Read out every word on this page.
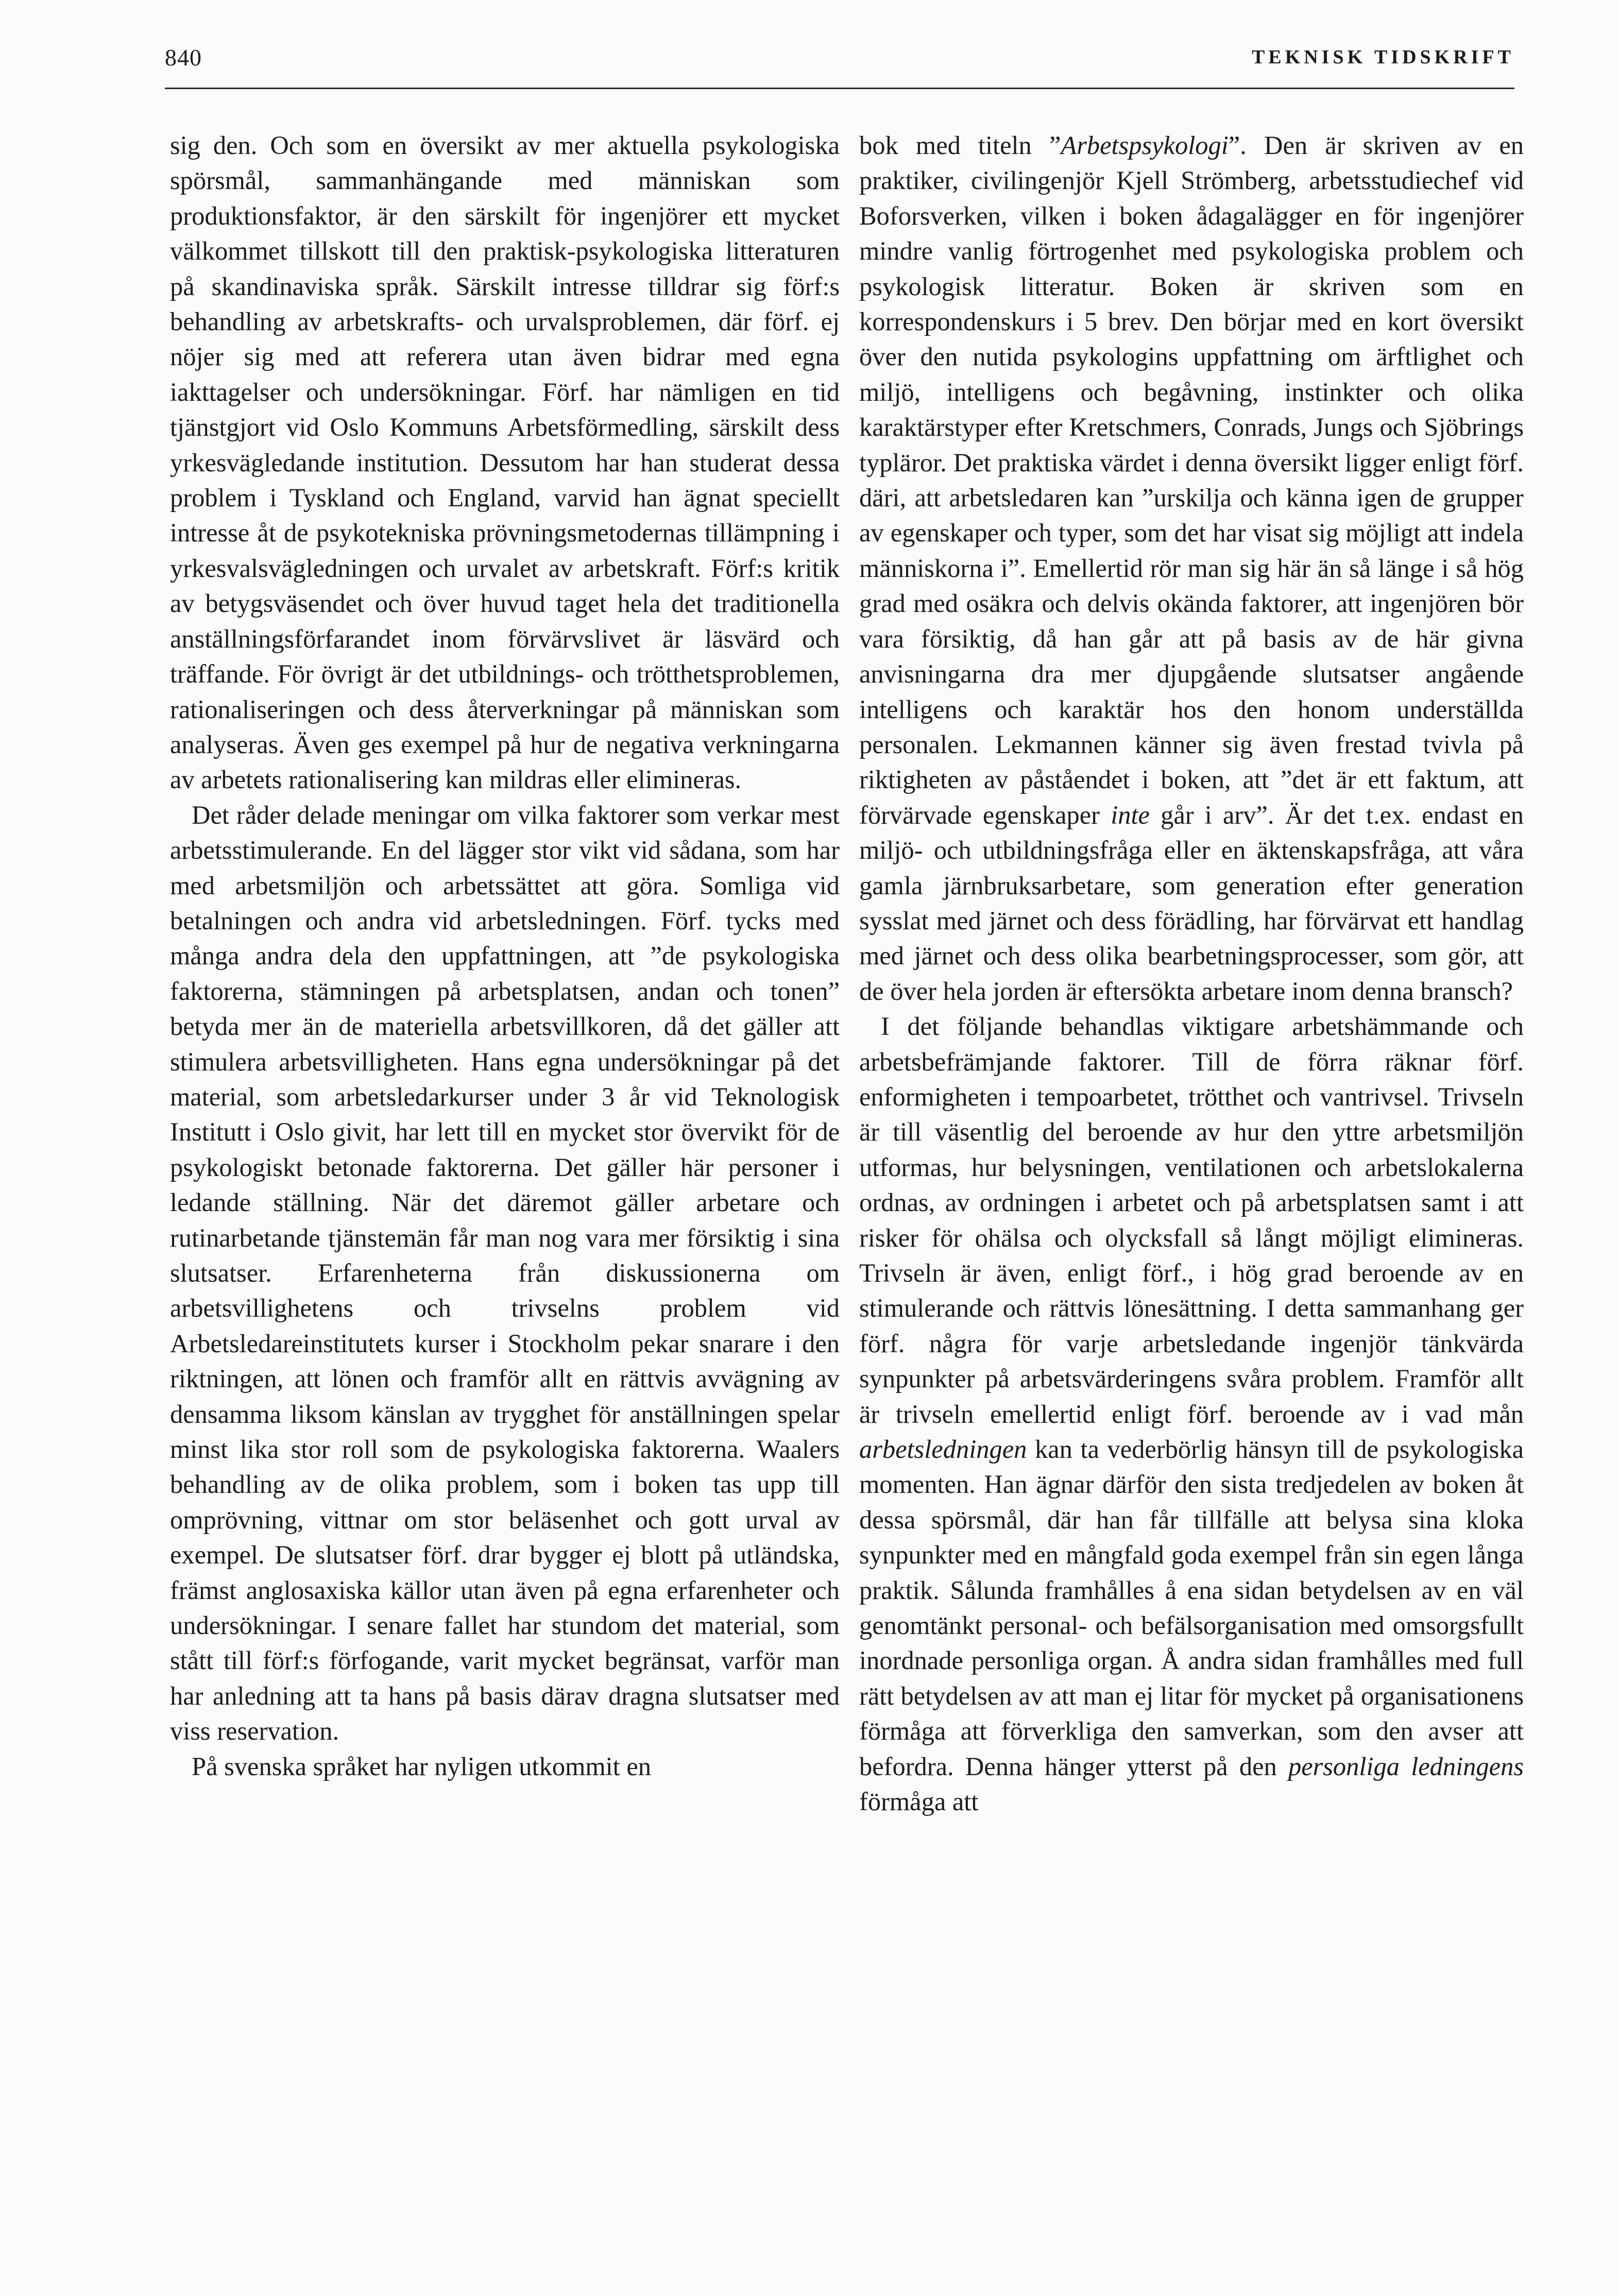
840	TEKNISK TIDSKRIFT

sig den. Och som en översikt av mer aktuella psykologiska spörsmål, sammanhängande med människan som produktionsfaktor, är den särskilt för ingenjörer ett mycket välkommet tillskott till den praktisk-psykologiska litteraturen på skandinaviska språk. Särskilt intresse tilldrar sig förf:s behandling av arbetskrafts- och urvalsproblemen, där förf. ej nöjer sig med att referera utan även bidrar med egna iakttagelser och undersökningar. Förf. har nämligen en tid tjänstgjort vid Oslo Kommuns Arbetsförmedling, särskilt dess yrkesvägledande institution. Dessutom har han studerat dessa problem i Tyskland och England, varvid han ägnat speciellt intresse åt de psykotekniska prövningsmetodernas tillämpning i yrkesvalsvägledningen och urvalet av arbetskraft. Förf:s kritik av betygsväsendet och över huvud taget hela det traditionella anställningsförfarandet inom förvärvslivet är läsvärd och träffande. För övrigt är det utbildnings- och trötthetsproblemen, rationaliseringen och dess återverkningar på människan som analyseras. Även ges exempel på hur de negativa verkningarna av arbetets rationalisering kan mildras eller elimineras.

Det råder delade meningar om vilka faktorer som verkar mest arbetsstimulerande. En del lägger stor vikt vid sådana, som har med arbetsmiljön och arbetssättet att göra. Somliga vid betalningen och andra vid arbetsledningen. Förf. tycks med många andra dela den uppfattningen, att ”de psykologiska faktorerna, stämningen på arbetsplatsen, andan och tonen” betyda mer än de materiella arbetsvillkoren, då det gäller att stimulera arbetsvilligheten. Hans egna undersökningar på det material, som arbetsledarkurser under 3 år vid Teknologisk Institutt i Oslo givit, har lett till en mycket stor övervikt för de psykologiskt betonade faktorerna. Det gäller här personer i ledande ställning. När det däremot gäller arbetare och rutinarbetande tjänstemän får man nog vara mer försiktig i sina slutsatser. Erfarenheterna från diskussionerna om arbetsvillighetens och trivselns problem vid Arbetsledareinstitutets kurser i Stockholm pekar snarare i den riktningen, att lönen och framför allt en rättvis avvägning av densamma liksom känslan av trygghet för anställningen spelar minst lika stor roll som de psykologiska faktorerna. Waalers behandling av de olika problem, som i boken tas upp till omprövning, vittnar om stor beläsenhet och gott urval av exempel. De slutsatser förf. drar bygger ej blott på utländska, främst anglosaxiska källor utan även på egna erfarenheter och undersökningar. I senare fallet har stundom det material, som stått till förf:s förfogande, varit mycket begränsat, varför man har anledning att ta hans på basis därav dragna slutsatser med viss reservation.

På svenska språket har nyligen utkommit en

bok med titeln ”Arbetspsykologi”. Den är skriven av en praktiker, civilingenjör Kjell Strömberg, arbetsstudiechef vid Boforsverken, vilken i boken ådagalägger en för ingenjörer mindre vanlig förtrogenhet med psykologiska problem och psykologisk litteratur. Boken är skriven som en korrespondenskurs i 5 brev. Den börjar med en kort översikt över den nutida psykologins uppfattning om ärftlighet och miljö, intelligens och begåvning, instinkter och olika karaktärstyper efter Kretschmers, Conrads, Jungs och Sjöbrings typläror. Det praktiska värdet i denna översikt ligger enligt förf. däri, att arbetsledaren kan ”urskilja och känna igen de grupper av egenskaper och typer, som det har visat sig möjligt att indela människorna i”. Emellertid rör man sig här än så länge i så hög grad med osäkra och delvis okända faktorer, att ingenjören bör vara försiktig, då han går att på basis av de här givna anvisningarna dra mer djupgående slutsatser angående intelligens och karaktär hos den honom underställda personalen. Lekmannen känner sig även frestad tvivla på riktigheten av påståendet i boken, att ”det är ett faktum, att förvärvade egenskaper inte går i arv”. Är det t.ex. endast en miljö- och utbildningsfråga eller en äktenskapsfråga, att våra gamla järnbruksarbetare, som generation efter generation sysslat med järnet och dess förädling, har förvärvat ett handlag med järnet och dess olika bearbetningsprocesser, som gör, att de över hela jorden är eftersökta arbetare inom denna bransch?

I det följande behandlas viktigare arbetshämmande och arbetsbefrämjande faktorer. Till de förra räknar förf. enformigheten i tempoarbetet, trötthet och vantrivsel. Trivseln är till väsentlig del beroende av hur den yttre arbetsmiljön utformas, hur belysningen, ventilationen och arbetslokalerna ordnas, av ordningen i arbetet och på arbetsplatsen samt i att risker för ohälsa och olycksfall så långt möjligt elimineras. Trivseln är även, enligt förf., i hög grad beroende av en stimulerande och rättvis lönesättning. I detta sammanhang ger förf. några för varje arbetsledande ingenjör tänkvärda synpunkter på arbetsvärderingens svåra problem. Framför allt är trivseln emellertid enligt förf. beroende av i vad mån arbetsledningen kan ta vederbörlig hänsyn till de psykologiska momenten. Han ägnar därför den sista tredjedelen av boken åt dessa spörsmål, där han får tillfälle att belysa sina kloka synpunkter med en mångfald goda exempel från sin egen långa praktik. Sålunda framhålles å ena sidan betydelsen av en väl genomtänkt personal- och befälsorganisation med omsorgsfullt inordnade personliga organ. Å andra sidan framhålles med full rätt betydelsen av att man ej litar för mycket på organisationens förmåga att förverkliga den samverkan, som den avser att befordra. Denna hänger ytterst på den personliga ledningens förmåga att
